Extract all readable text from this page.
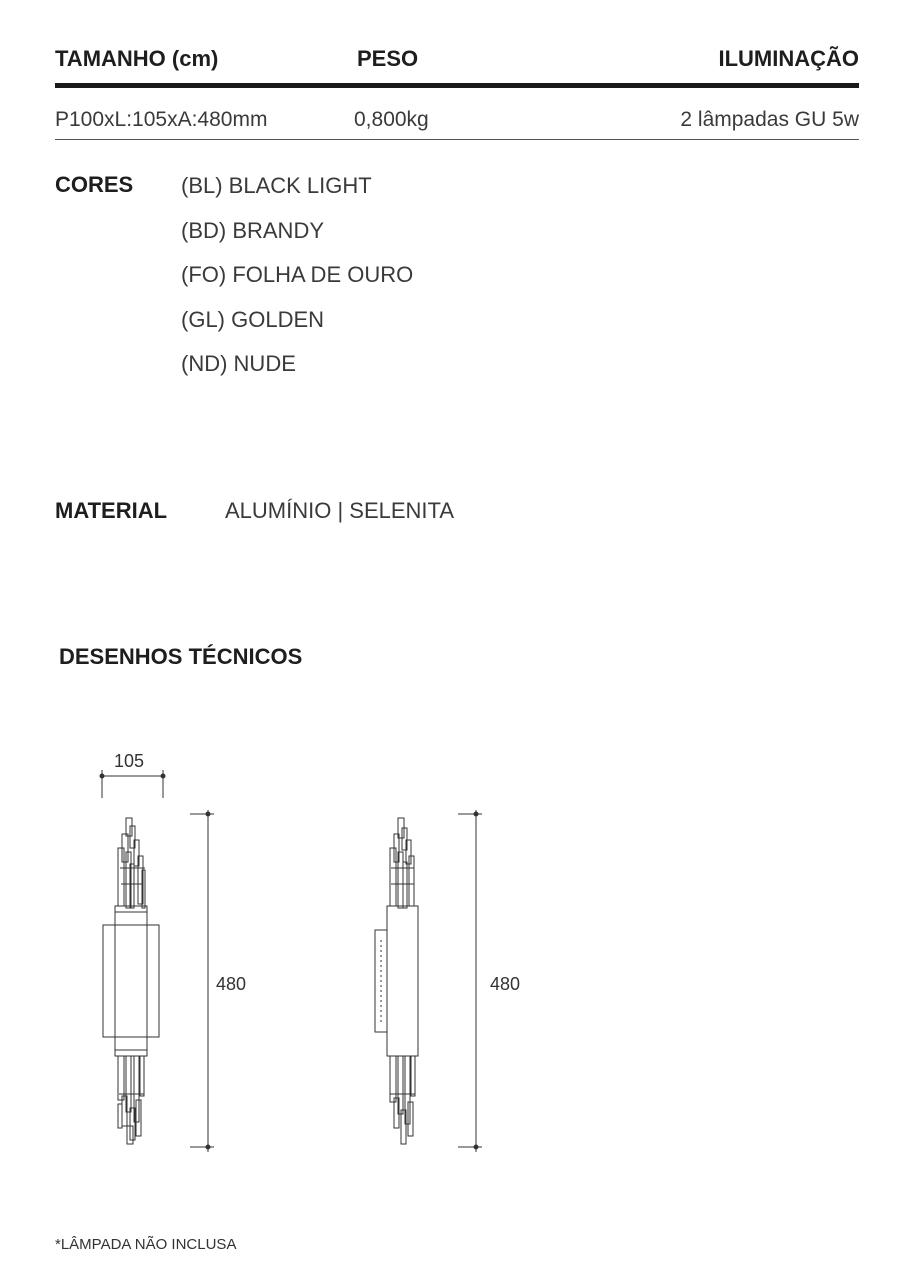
TAMANHO (cm)	PESO	ILUMINAÇÃO
P100xL:105xA:480mm	0,800kg	2 lâmpadas GU 5w
CORES (BL) BLACK LIGHT
(BD) BRANDY
(FO) FOLHA DE OURO
(GL) GOLDEN
(ND) NUDE
MATERIAL	ALUMÍNIO | SELENITA
DESENHOS TÉCNICOS
105
480	480
*LÂMPADA NÃO INCLUSA
